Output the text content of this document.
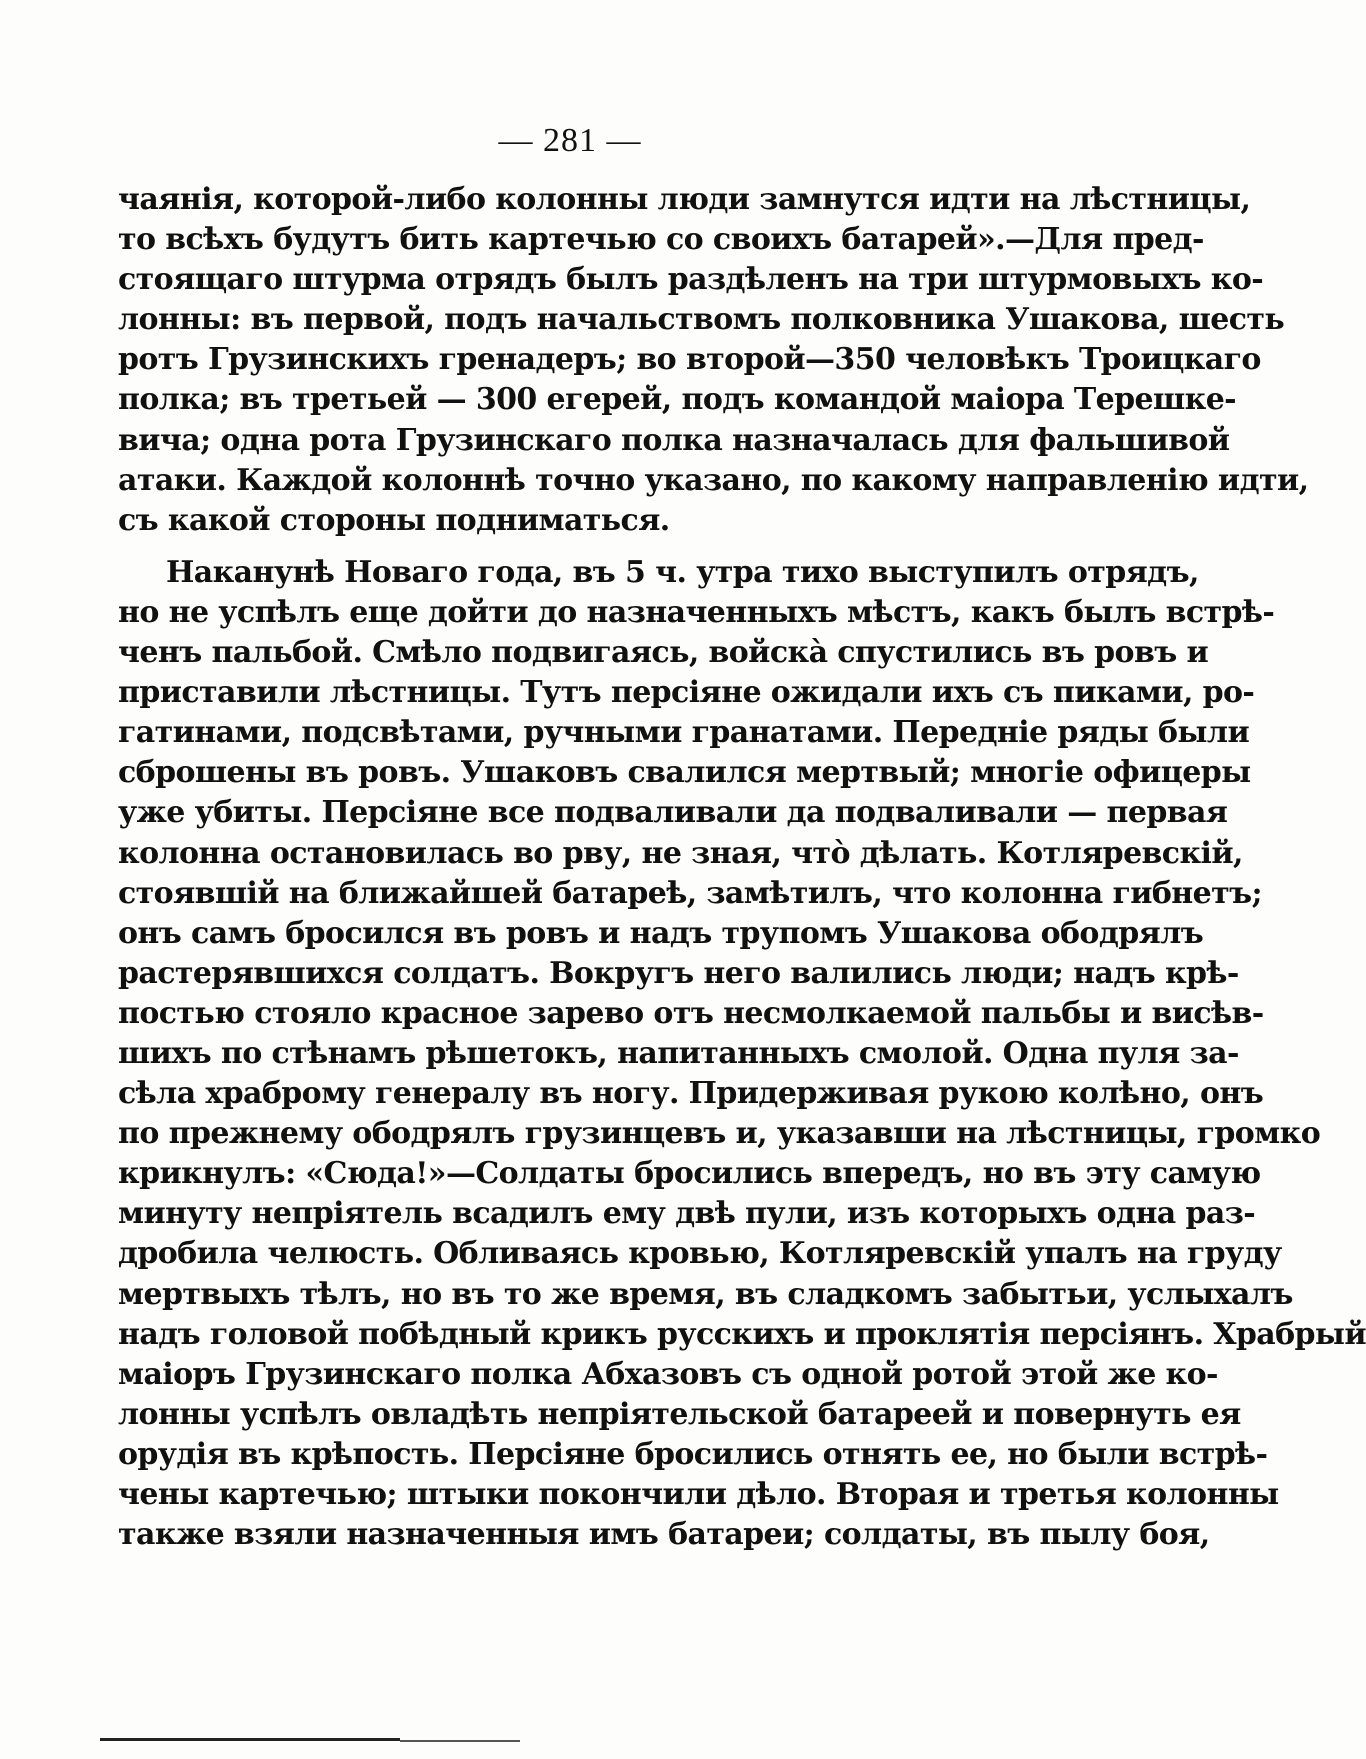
— 281 —
чаянія, которой-либо колонны люди замнутся идти на лѣстницы,
то всѣхъ будутъ бить картечью со своихъ батарей».—Для пред-
стоящаго штурма отрядъ былъ раздѣленъ на три штурмовыхъ ко-
лонны: въ первой, подъ начальствомъ полковника Ушакова, шесть
ротъ Грузинскихъ гренадеръ; во второй—350 человѣкъ Троицкаго
полка; въ третьей — 300 егерей, подъ командой маіора Терешке-
вича; одна рота Грузинскаго полка назначалась для фальшивой
атаки. Каждой колоннѣ точно указано, по какому направленію идти,
съ какой стороны подниматься.
Наканунѣ Новаго года, въ 5 ч. утра тихо выступилъ отрядъ,
но не успѣлъ еще дойти до назначенныхъ мѣстъ, какъ былъ встрѣ-
ченъ пальбой. Смѣло подвигаясь, войска̀ спустились въ ровъ и
приставили лѣстницы. Тутъ персіяне ожидали ихъ съ пиками, ро-
гатинами, подсвѣтами, ручными гранатами. Передніе ряды были
сброшены въ ровъ. Ушаковъ свалился мертвый; многіе офицеры
уже убиты. Персіяне все подваливали да подваливали — первая
колонна остановилась во рву, не зная, что̀ дѣлать. Котляревскій,
стоявшій на ближайшей батареѣ, замѣтилъ, что колонна гибнетъ;
онъ самъ бросился въ ровъ и надъ трупомъ Ушакова ободрялъ
растерявшихся солдатъ. Вокругъ него валились люди; надъ крѣ-
постью стояло красное зарево отъ несмолкаемой пальбы и висѣв-
шихъ по стѣнамъ рѣшетокъ, напитанныхъ смолой. Одна пуля за-
сѣла храброму генералу въ ногу. Придерживая рукою колѣно, онъ
по прежнему ободрялъ грузинцевъ и, указавши на лѣстницы, громко
крикнулъ: «Сюда!»—Солдаты бросились впередъ, но въ эту самую
минуту непріятель всадилъ ему двѣ пули, изъ которыхъ одна раз-
дробила челюсть. Обливаясь кровью, Котляревскій упалъ на груду
мертвыхъ тѣлъ, но въ то же время, въ сладкомъ забытьи, услыхалъ
надъ головой побѣдный крикъ русскихъ и проклятія персіянъ. Храбрый
маіоръ Грузинскаго полка Абхазовъ съ одной ротой этой же ко-
лонны успѣлъ овладѣть непріятельской батареей и повернуть ея
орудія въ крѣпость. Персіяне бросились отнять ее, но были встрѣ-
чены картечью; штыки покончили дѣло. Вторая и третья колонны
также взяли назначенныя имъ батареи; солдаты, въ пылу боя,
